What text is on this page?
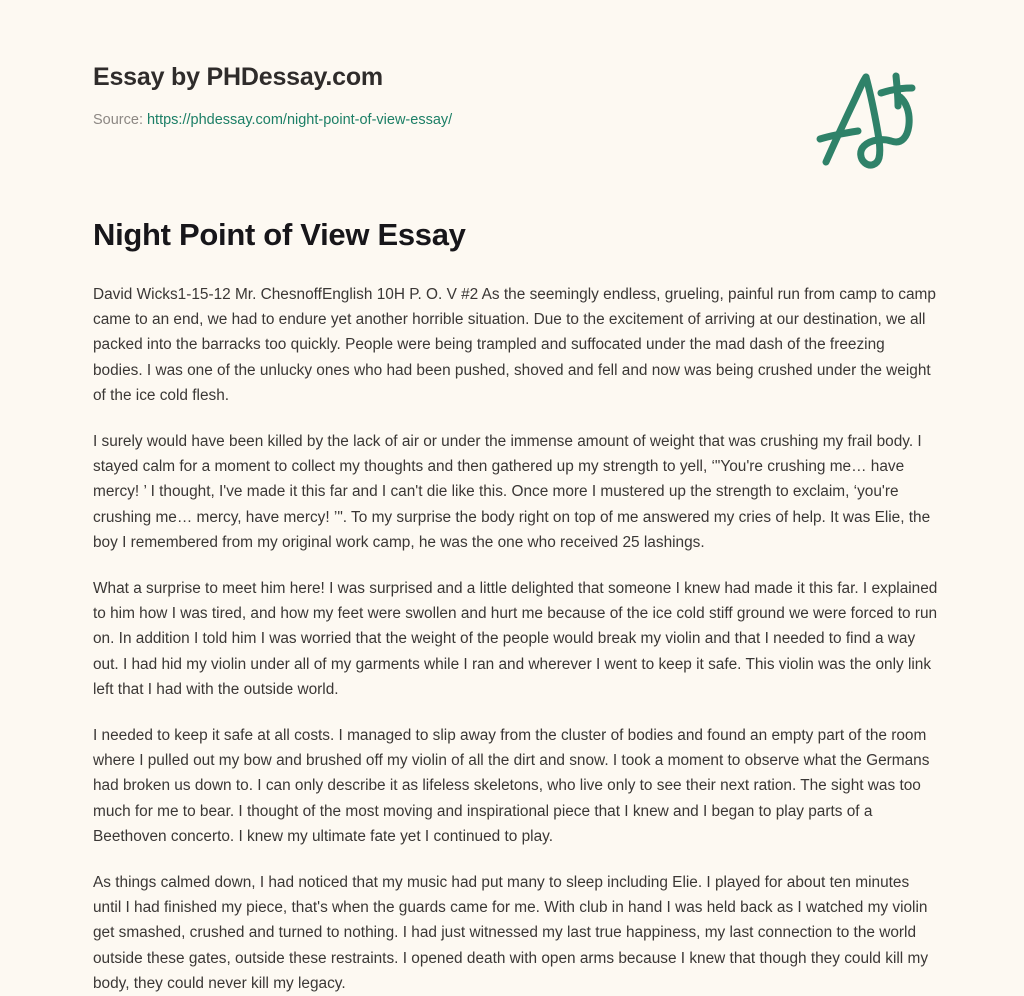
Essay by PHDessay.com
Source: https://phdessay.com/night-point-of-view-essay/
Night Point of View Essay

David Wicks1-15-12 Mr. ChesnoffEnglish 10H P. O. V #2 As the seemingly endless, grueling, painful run from camp to camp came to an end, we had to endure yet another horrible situation. Due to the excitement of arriving at our destination, we all packed into the barracks too quickly. People were being trampled and suffocated under the mad dash of the freezing bodies. I was one of the unlucky ones who had been pushed, shoved and fell and now was being crushed under the weight of the ice cold flesh.

I surely would have been killed by the lack of air or under the immense amount of weight that was crushing my frail body. I stayed calm for a moment to collect my thoughts and then gathered up my strength to yell, ‘"You're crushing me… have mercy! ’ I thought, I've made it this far and I can't die like this. Once more I mustered up the strength to exclaim, ‘you're crushing me… mercy, have mercy! ’". To my surprise the body right on top of me answered my cries of help. It was Elie, the boy I remembered from my original work camp, he was the one who received 25 lashings.

What a surprise to meet him here! I was surprised and a little delighted that someone I knew had made it this far. I explained to him how I was tired, and how my feet were swollen and hurt me because of the ice cold stiff ground we were forced to run on. In addition I told him I was worried that the weight of the people would break my violin and that I needed to find a way out. I had hid my violin under all of my garments while I ran and wherever I went to keep it safe. This violin was the only link left that I had with the outside world.

I needed to keep it safe at all costs. I managed to slip away from the cluster of bodies and found an empty part of the room where I pulled out my bow and brushed off my violin of all the dirt and snow. I took a moment to observe what the Germans had broken us down to. I can only describe it as lifeless skeletons, who live only to see their next ration. The sight was too much for me to bear. I thought of the most moving and inspirational piece that I knew and I began to play parts of a Beethoven concerto. I knew my ultimate fate yet I continued to play.

As things calmed down, I had noticed that my music had put many to sleep including Elie. I played for about ten minutes until I had finished my piece, that's when the guards came for me. With club in hand I was held back as I watched my violin get smashed, crushed and turned to nothing. I had just witnessed my last true happiness, my last connection to the world outside these gates, outside these restraints. I opened death with open arms because I knew that though they could kill my body, they could never kill my legacy.
